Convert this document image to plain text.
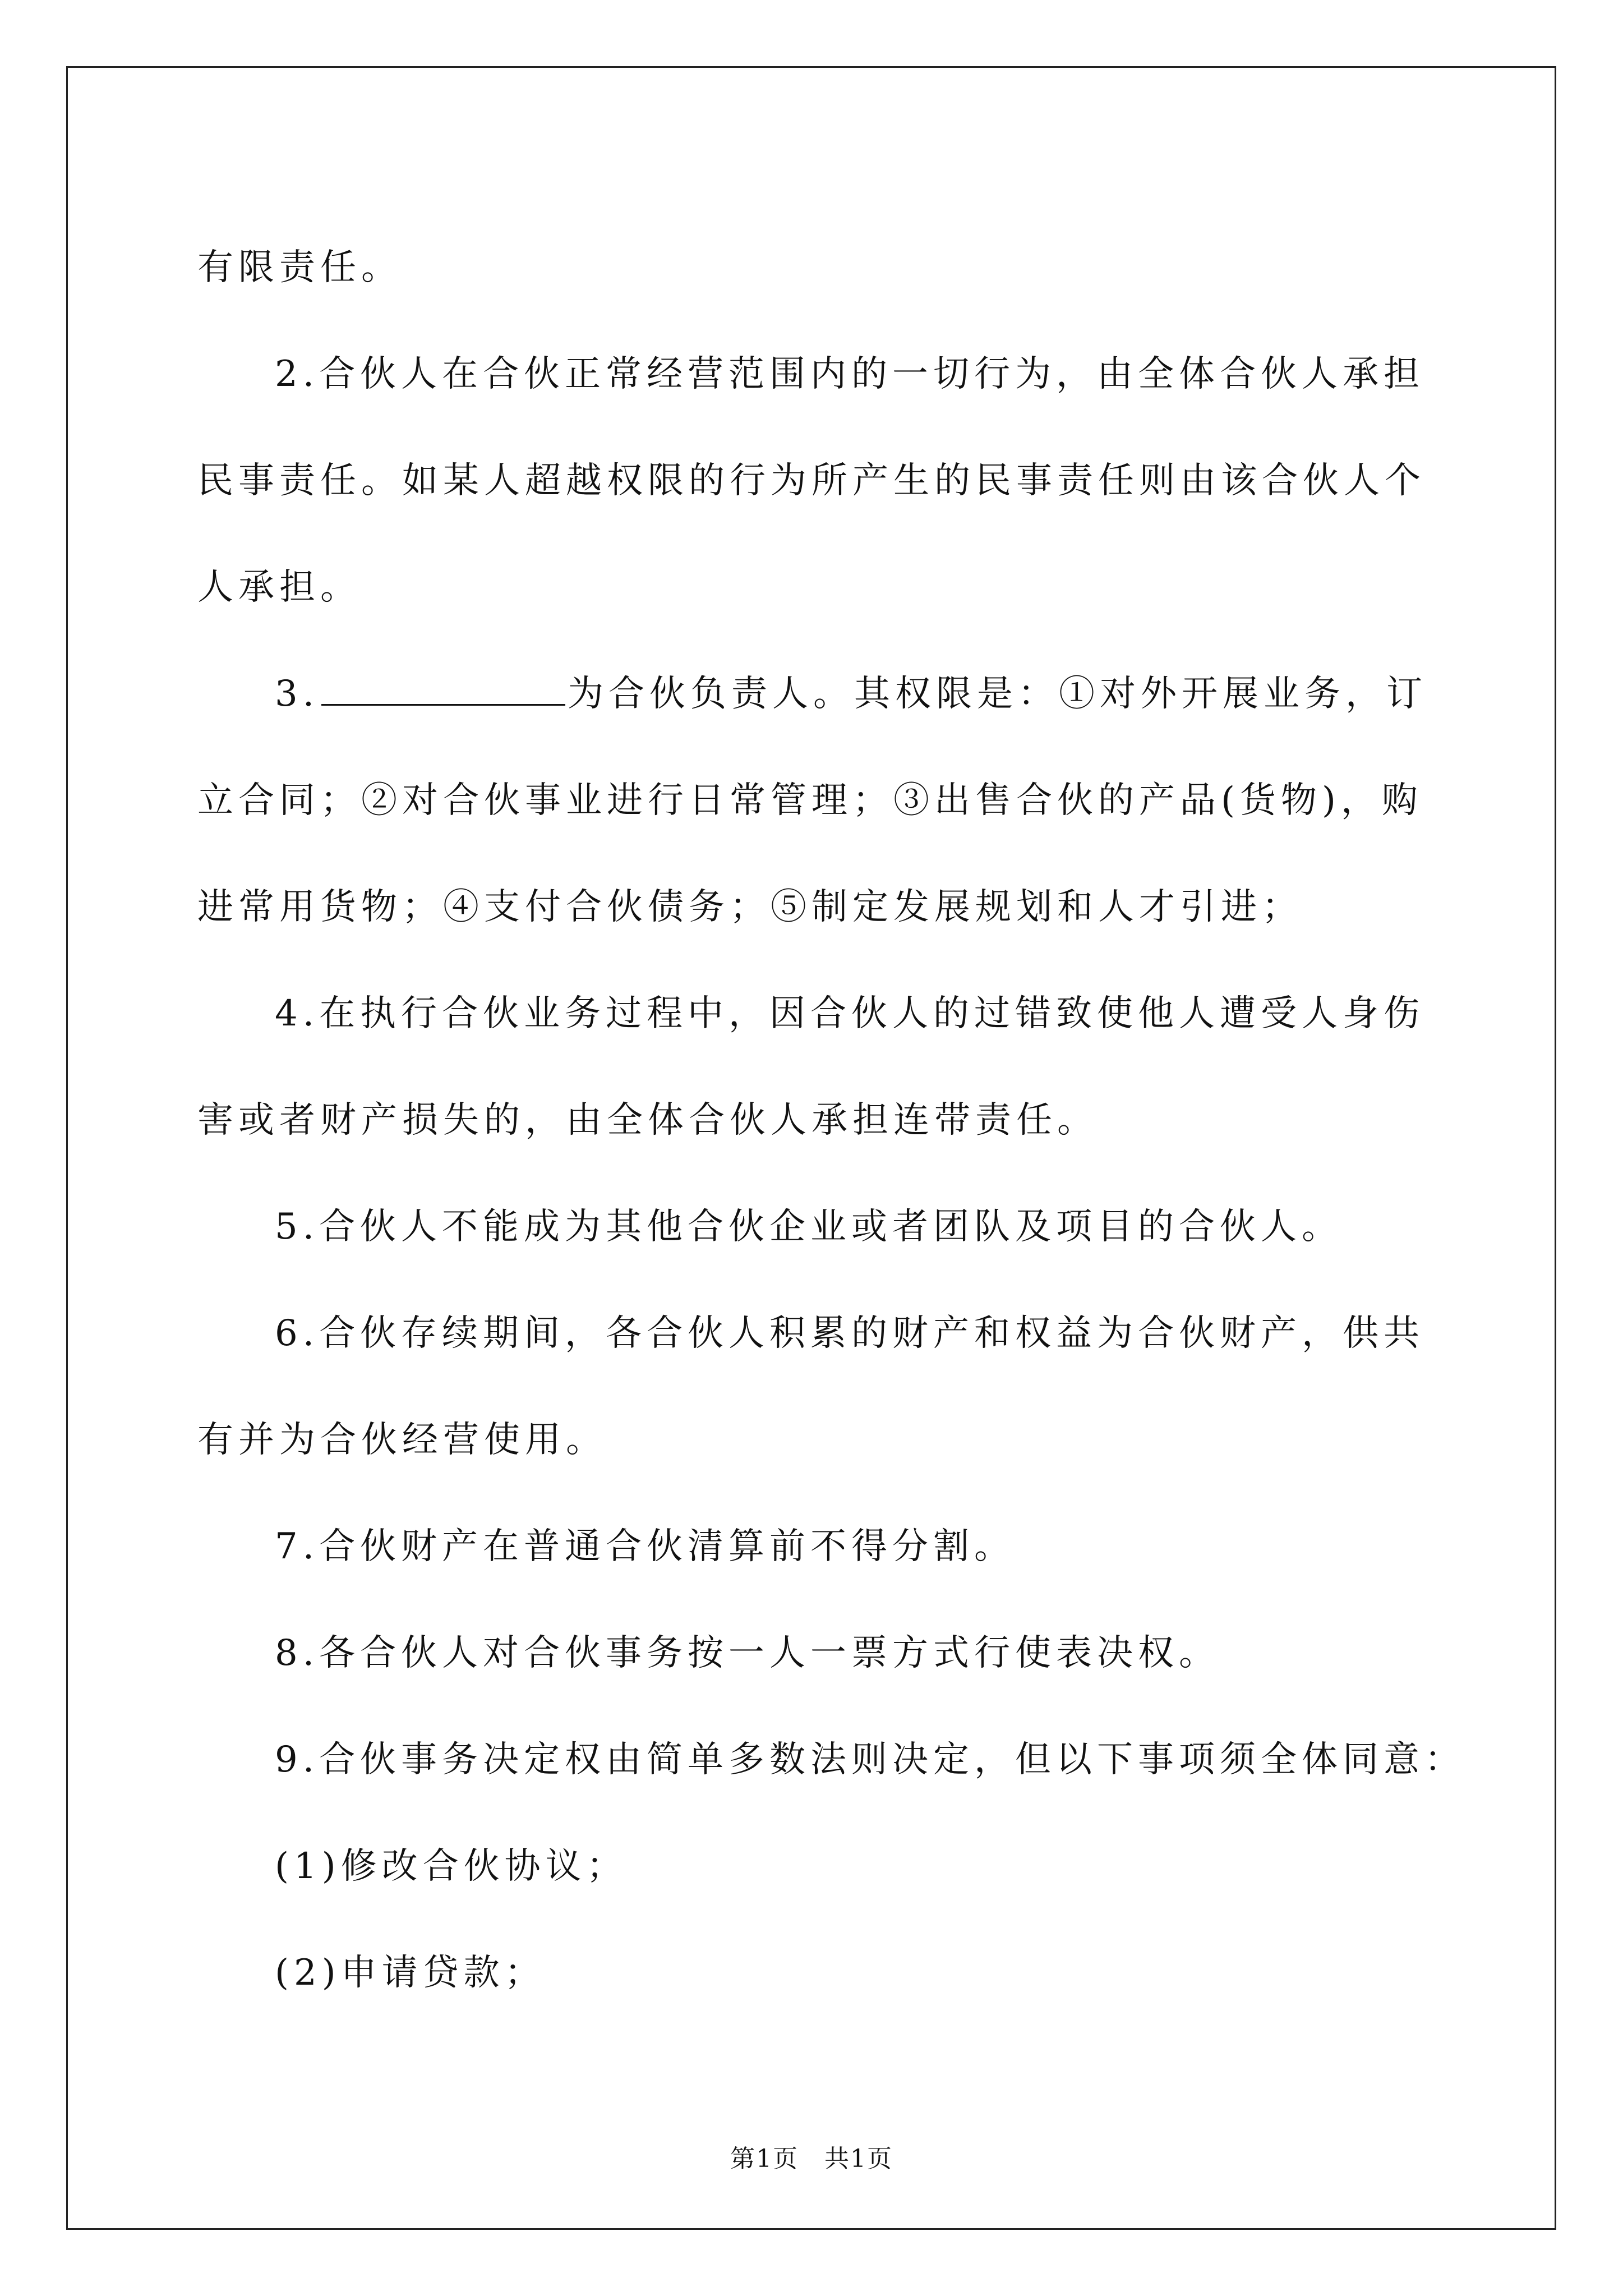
有限责任。

2.合伙人在合伙正常经营范围内的一切行为，由全体合伙人承担

民事责任。如某人超越权限的行为所产生的民事责任则由该合伙人个

人承担。

3.	为合伙负责人。其权限是：①对外开展业务，订

立合同；②对合伙事业进行日常管理；③出售合伙的产品(货物)，购

进常用货物；④支付合伙债务；⑤制定发展规划和人才引进；

4.在执行合伙业务过程中，因合伙人的过错致使他人遭受人身伤

害或者财产损失的，由全体合伙人承担连带责任。

5.合伙人不能成为其他合伙企业或者团队及项目的合伙人。

6.合伙存续期间，各合伙人积累的财产和权益为合伙财产，供共

有并为合伙经营使用。

7.合伙财产在普通合伙清算前不得分割。

8.各合伙人对合伙事务按一人一票方式行使表决权。

9.合伙事务决定权由简单多数法则决定，但以下事项须全体同意：

(1)修改合伙协议；

(2)申请贷款；

第1页　共1页
